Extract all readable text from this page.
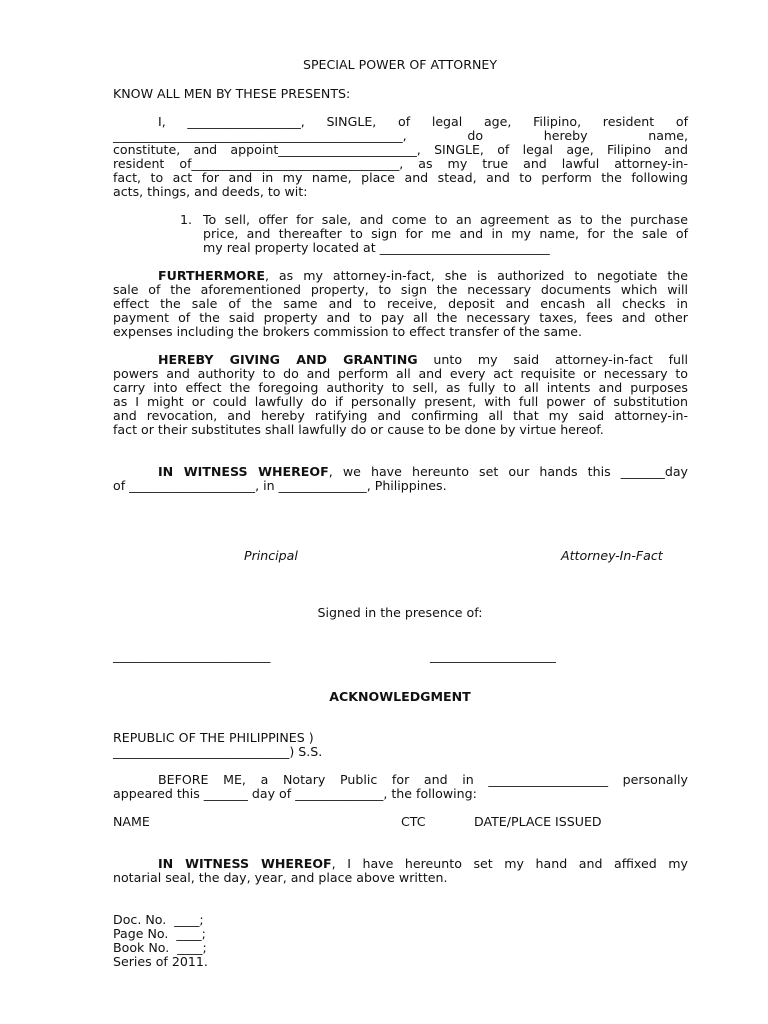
SPECIAL POWER OF ATTORNEY
KNOW ALL MEN BY THESE PRESENTS:
I, __________________, SINGLE, of legal age, Filipino, resident of
______________________________________________, do hereby name,
constitute, and appoint______________________, SINGLE, of legal age, Filipino and
resident of_________________________________, as my true and lawful attorney-in-
fact, to act for and in my name, place and stead, and to perform the following
acts, things, and deeds, to wit:
1. To sell, offer for sale, and come to an agreement as to the purchase
price, and thereafter to sign for me and in my name, for the sale of
my real property located at ___________________________
FURTHERMORE, as my attorney-in-fact, she is authorized to negotiate the
sale of the aforementioned property, to sign the necessary documents which will
effect the sale of the same and to receive, deposit and encash all checks in
payment of the said property and to pay all the necessary taxes, fees and other
expenses including the brokers commission to effect transfer of the same.
HEREBY GIVING AND GRANTING unto my said attorney-in-fact full
powers and authority to do and perform all and every act requisite or necessary to
carry into effect the foregoing authority to sell, as fully to all intents and purposes
as I might or could lawfully do if personally present, with full power of substitution
and revocation, and hereby ratifying and confirming all that my said attorney-in-
fact or their substitutes shall lawfully do or cause to be done by virtue hereof.
IN WITNESS WHEREOF, we have hereunto set our hands this _______day
of ____________________, in ______________, Philippines.
Principal	Attorney-In-Fact
Signed in the presence of:
_________________________	____________________
ACKNOWLEDGMENT
REPUBLIC OF THE PHILIPPINES )
____________________________) S.S.
BEFORE ME, a Notary Public for and in ___________________ personally
appeared this _______ day of ______________, the following:
NAME	CTC	DATE/PLACE ISSUED
IN WITNESS WHEREOF, I have hereunto set my hand and affixed my
notarial seal, the day, year, and place above written.
Doc. No.  ____;
Page No.  ____;
Book No.  ____;
Series of 2011.
